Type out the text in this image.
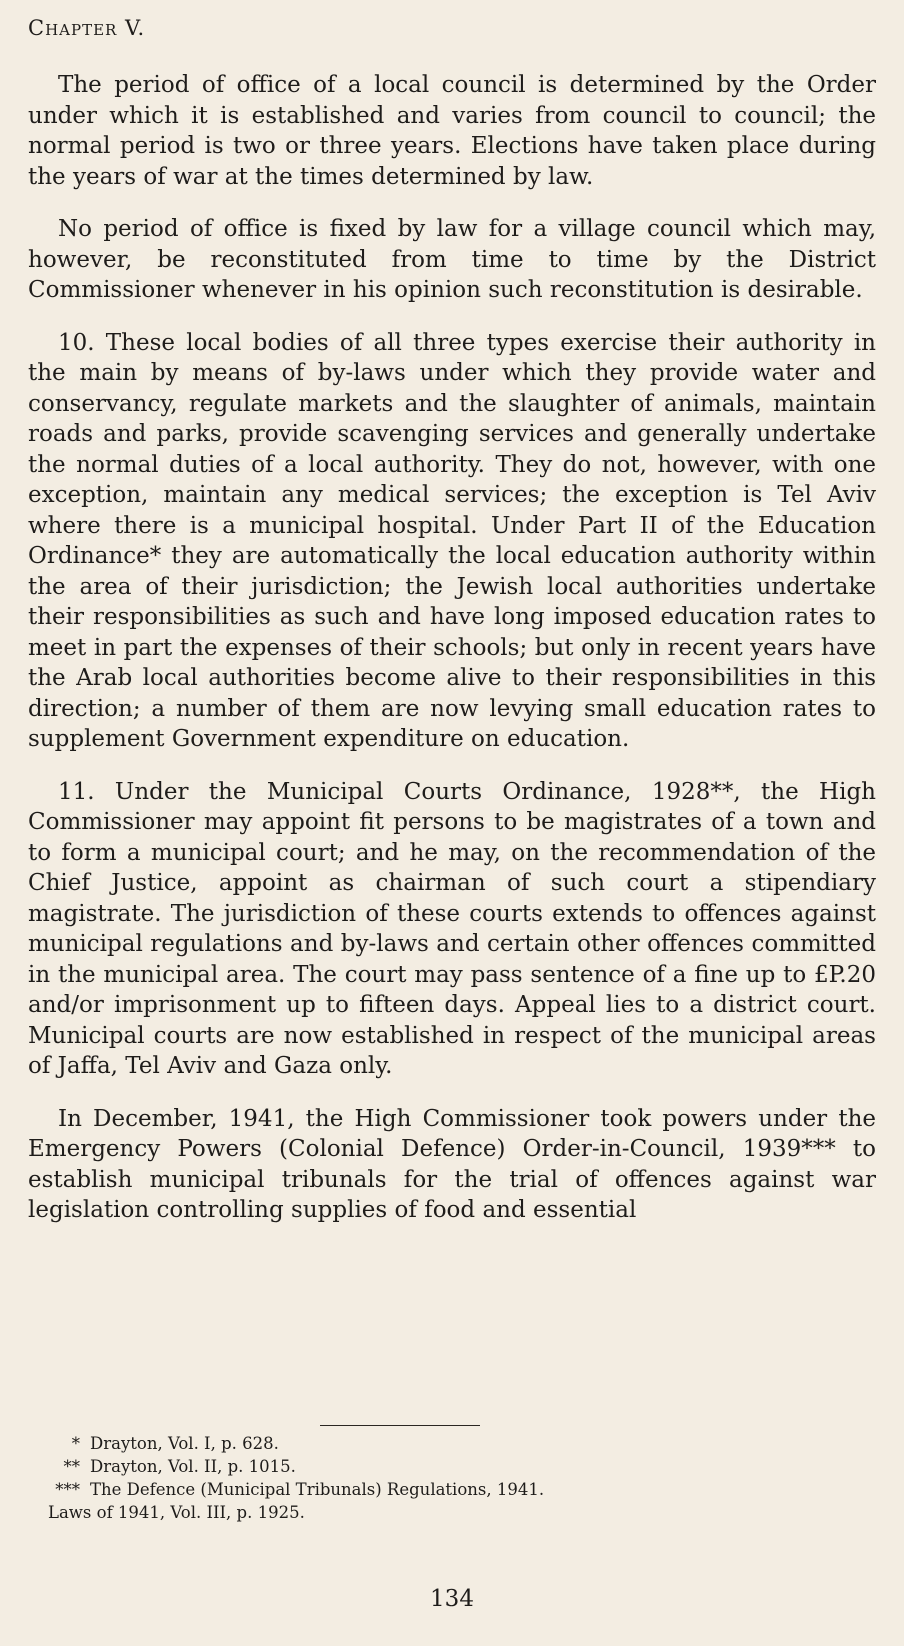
Chapter V.

The period of office of a local council is determined by the Order under which it is established and varies from council to council; the normal period is two or three years. Elections have taken place during the years of war at the times determined by law.

No period of office is fixed by law for a village council which may, however, be reconstituted from time to time by the District Commissioner whenever in his opinion such reconstitution is desirable.

10. These local bodies of all three types exercise their authority in the main by means of by-laws under which they provide water and conservancy, regulate markets and the slaughter of animals, maintain roads and parks, provide scavenging services and generally undertake the normal duties of a local authority. They do not, however, with one exception, maintain any medical services; the exception is Tel Aviv where there is a municipal hospital. Under Part II of the Education Ordinance* they are automatically the local education authority within the area of their jurisdiction; the Jewish local authorities undertake their responsibilities as such and have long imposed education rates to meet in part the expenses of their schools; but only in recent years have the Arab local authorities become alive to their responsibilities in this direction; a number of them are now levying small education rates to supplement Government expenditure on education.

11. Under the Municipal Courts Ordinance, 1928**, the High Commissioner may appoint fit persons to be magistrates of a town and to form a municipal court; and he may, on the recommendation of the Chief Justice, appoint as chairman of such court a stipendiary magistrate. The jurisdiction of these courts extends to offences against municipal regulations and by-laws and certain other offences committed in the municipal area. The court may pass sentence of a fine up to £P.20 and/or imprisonment up to fifteen days. Appeal lies to a district court. Municipal courts are now established in respect of the municipal areas of Jaffa, Tel Aviv and Gaza only.

In December, 1941, the High Commissioner took powers under the Emergency Powers (Colonial Defence) Order-in-Council, 1939*** to establish municipal tribunals for the trial of offences against war legislation controlling supplies of food and essential

* Drayton, Vol. I, p. 628.
** Drayton, Vol. II, p. 1015.
*** The Defence (Municipal Tribunals) Regulations, 1941.
Laws of 1941, Vol. III, p. 1925.
134
